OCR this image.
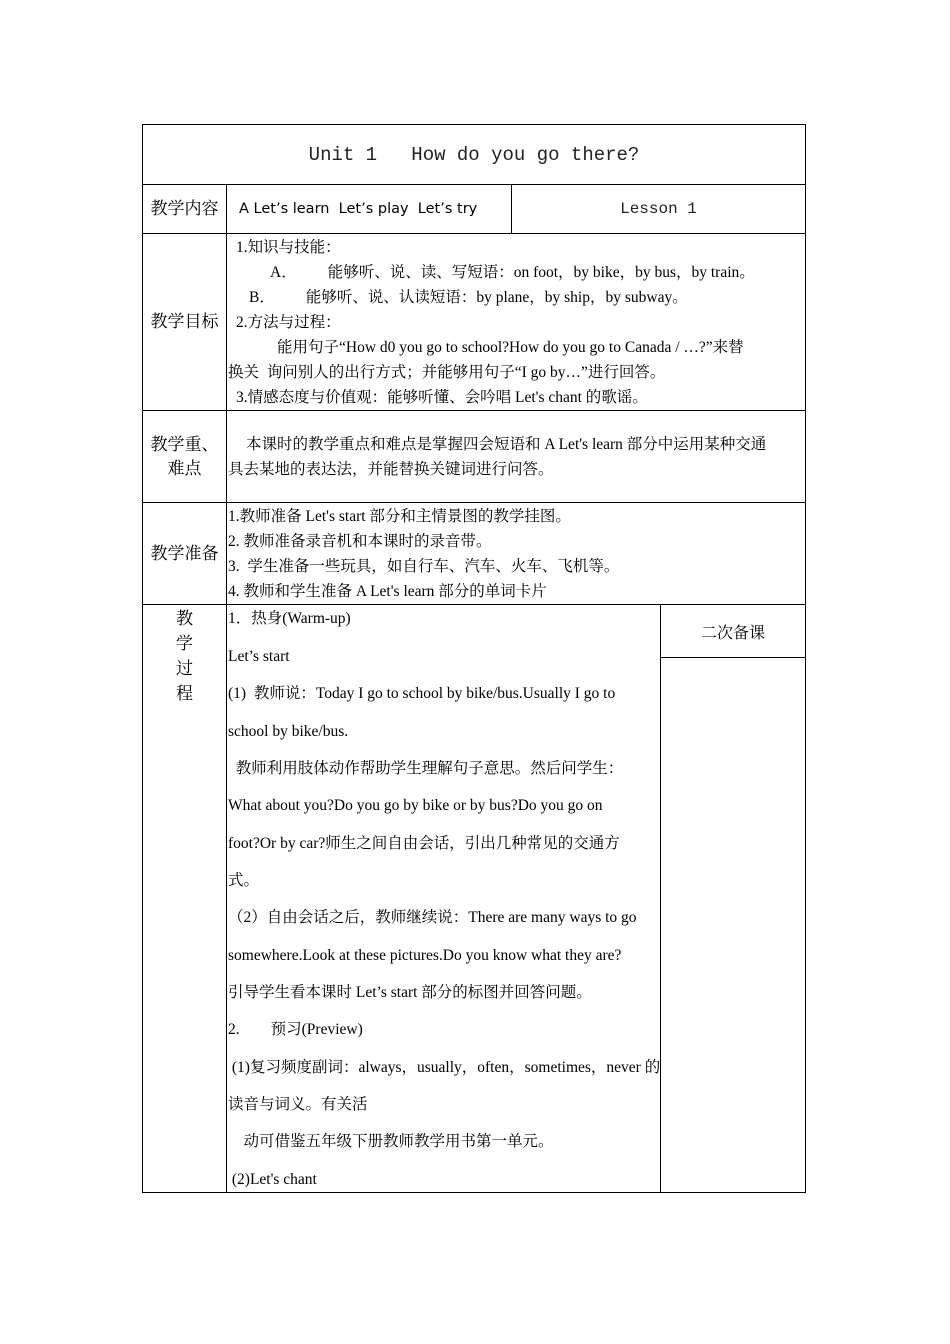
Unit 1   How do you go there?
教学内容	A Let’s learn  Let’s play  Let’s try	Lesson 1
教学目标
1.知识与技能：
A．        能够听、说、读、写短语：on foot，by bike，by bus，by train。
B．        能够听、说、认读短语：by plane，by ship，by subway。
2.方法与过程：
能用句子“How d0 you go to school?How do you go to Canada / …?”来替
换关  询问别人的出行方式；并能够用句子“I go by…”进行回答。
3.情感态度与价值观：能够听懂、会吟唱 Let's chant 的歌谣。
教学重、
难点
本课时的教学重点和难点是掌握四会短语和 A Let's learn 部分中运用某种交通
具去某地的表达法，并能替换关键词进行问答。
教学准备
1.教师准备 Let's start 部分和主情景图的教学挂图。
2. 教师准备录音机和本课时的录音带。
3.  学生准备一些玩具，如自行车、汽车、火车、飞机等。
4. 教师和学生准备 A Let's learn 部分的单词卡片
教
学
过
程
二次备课
1．热身(Warm-up)
Let’s start
(1)  教师说：Today I go to school by bike/bus.Usually I go to
school by bike/bus.
教师利用肢体动作帮助学生理解句子意思。然后问学生：
What about you?Do you go by bike or by bus?Do you go on
foot?Or by car?师生之间自由会话，引出几种常见的交通方
式。
（2）自由会话之后，教师继续说：There are many ways to go
somewhere.Look at these pictures.Do you know what they are?
引导学生看本课时 Let’s start 部分的标图并回答问题。
2.        预习(Preview)
(1)复习频度副词：always，usually，often，sometimes，never 的
读音与词义。有关活
动可借鉴五年级下册教师教学用书第一单元。
(2)Let's chant
